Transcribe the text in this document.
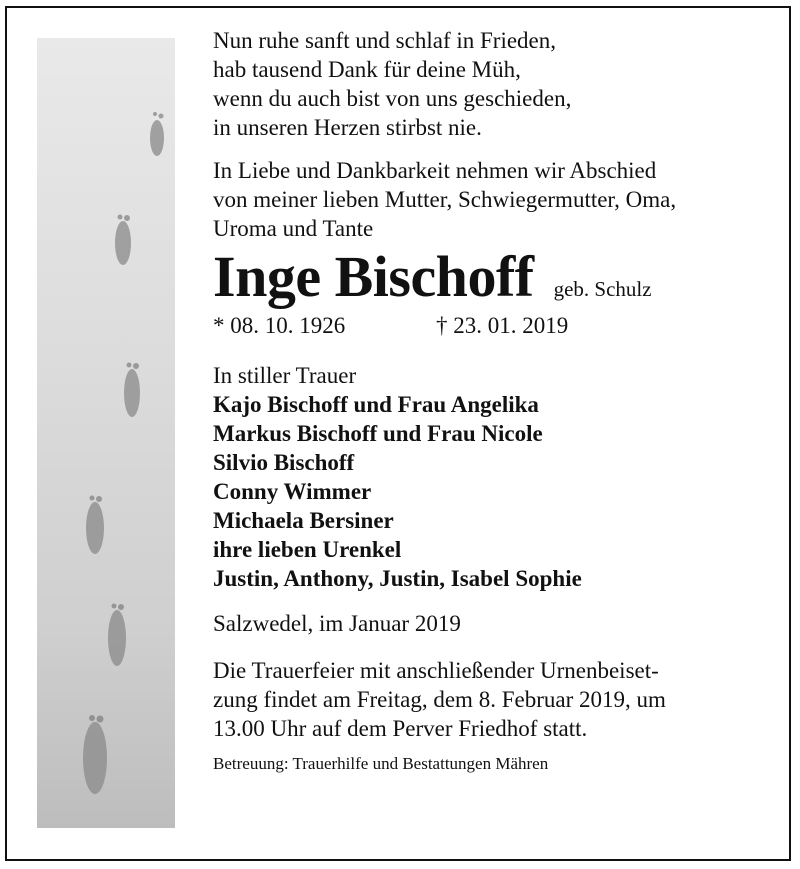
Nun ruhe sanft und schlaf in Frieden,
hab tausend Dank für deine Müh,
wenn du auch bist von uns geschieden,
in unseren Herzen stirbst nie.
In Liebe und Dankbarkeit nehmen wir Abschied
von meiner lieben Mutter, Schwiegermutter, Oma,
Uroma und Tante
Inge Bischoff geb. Schulz
* 08. 10. 1926	† 23. 01. 2019
In stiller Trauer
Kajo Bischoff und Frau Angelika
Markus Bischoff und Frau Nicole
Silvio Bischoff
Conny Wimmer
Michaela Bersiner
ihre lieben Urenkel
Justin, Anthony, Justin, Isabel Sophie
Salzwedel, im Januar 2019
Die Trauerfeier mit anschließender Urnenbeiset-
zung findet am Freitag, dem 8. Februar 2019, um
13.00 Uhr auf dem Perver Friedhof statt.
Betreuung: Trauerhilfe und Bestattungen Mähren
